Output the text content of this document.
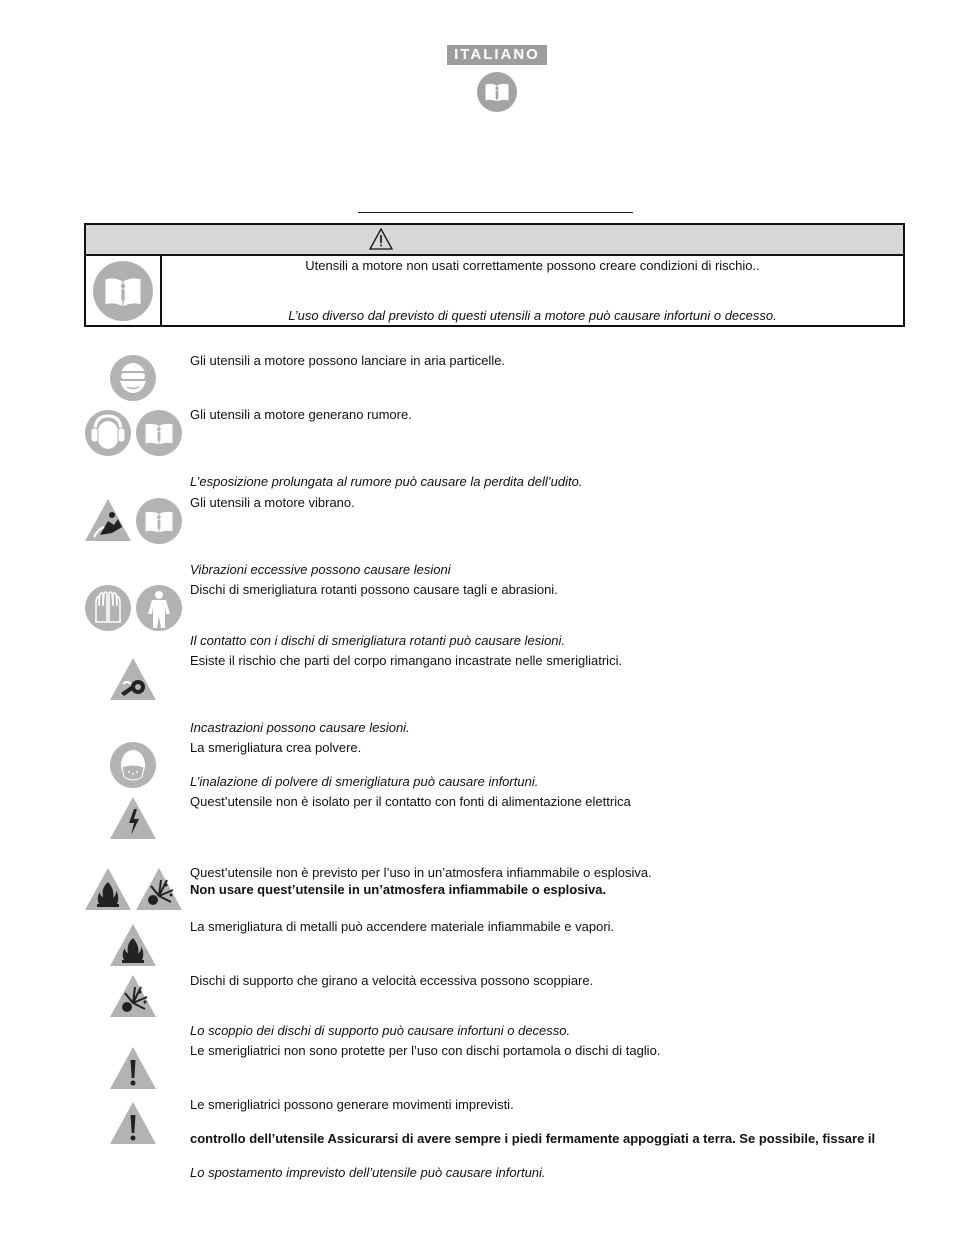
ITALIANO
Utensili a motore non usati correttamente possono creare condizioni di rischio..
L’uso diverso dal previsto di questi utensili a motore può causare infortuni o decesso.
Gli utensili a motore possono lanciare in aria particelle.
Gli utensili a motore generano rumore.
L’esposizione prolungata al rumore può causare la perdita dell’udito.
Gli utensili a motore vibrano.
Vibrazioni eccessive possono causare lesioni
Dischi di smerigliatura rotanti possono causare tagli e abrasioni.
Il contatto con i dischi di smerigliatura rotanti può causare lesioni.
Esiste il rischio che parti del corpo rimangano incastrate nelle smerigliatrici.
Incastrazioni possono causare lesioni.
La smerigliatura crea polvere.
L’inalazione di polvere di smerigliatura può causare infortuni.
Quest’utensile non è isolato per il contatto con fonti di alimentazione elettrica
Quest’utensile non è previsto per l’uso in un’atmosfera infiammabile o esplosiva.
Non usare quest’utensile in un’atmosfera infiammabile o esplosiva.
La smerigliatura di metalli può accendere materiale infiammabile e vapori.
Dischi di supporto che girano a velocità eccessiva possono scoppiare.
Lo scoppio dei dischi di supporto può causare infortuni o decesso.
Le smerigliatrici non sono protette per l’uso con dischi portamola o dischi di taglio.
Le smerigliatrici possono generare movimenti imprevisti.
controllo dell’utensile Assicurarsi di avere sempre i piedi fermamente appoggiati a terra. Se possibile, fissare il
Lo spostamento imprevisto dell’utensile può causare infortuni.
